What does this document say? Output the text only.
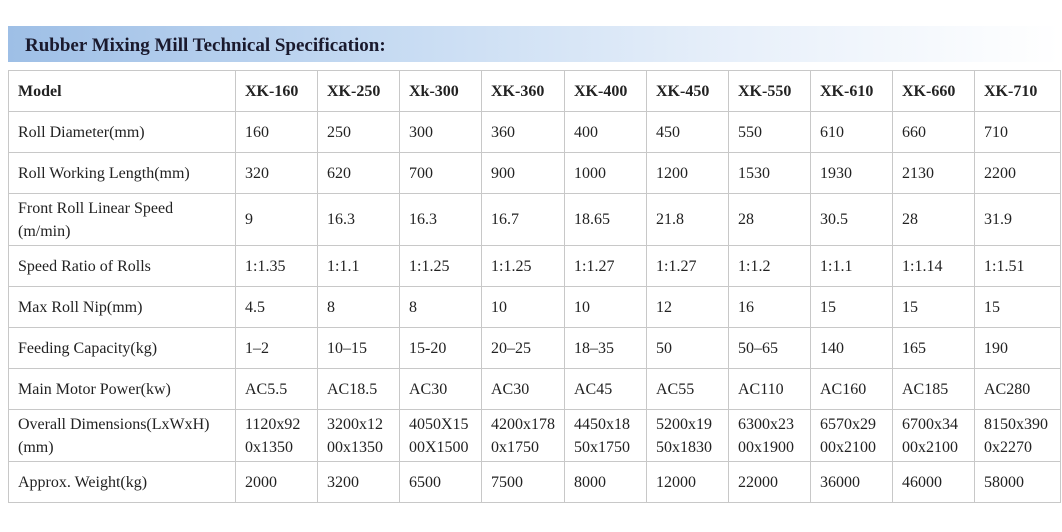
Rubber Mixing Mill Technical Specification:
Model	XK-160	XK-250	Xk-300	XK-360	XK-400	XK-450	XK-550	XK-610	XK-660	XK-710
Roll Diameter(mm)	160	250	300	360	400	450	550	610	660	710
Roll Working Length(mm)	320	620	700	900	1000	1200	1530	1930	2130	2200
Front Roll Linear Speed (m/min)	9	16.3	16.3	16.7	18.65	21.8	28	30.5	28	31.9
Speed Ratio of Rolls	1:1.35	1:1.1	1:1.25	1:1.25	1:1.27	1:1.27	1:1.2	1:1.1	1:1.14	1:1.51
Max Roll Nip(mm)	4.5	8	8	10	10	12	16	15	15	15
Feeding Capacity(kg)	1–2	10–15	15-20	20–25	18–35	50	50–65	140	165	190
Main Motor Power(kw)	AC5.5	AC18.5	AC30	AC30	AC45	AC55	AC110	AC160	AC185	AC280
Overall Dimensions(LxWxH) (mm)	1120x920x1350	3200x1200x1350	4050X1500X1500	4200x1780x1750	4450x1850x1750	5200x1950x1830	6300x2300x1900	6570x2900x2100	6700x3400x2100	8150x3900x2270
Approx. Weight(kg)	2000	3200	6500	7500	8000	12000	22000	36000	46000	58000
